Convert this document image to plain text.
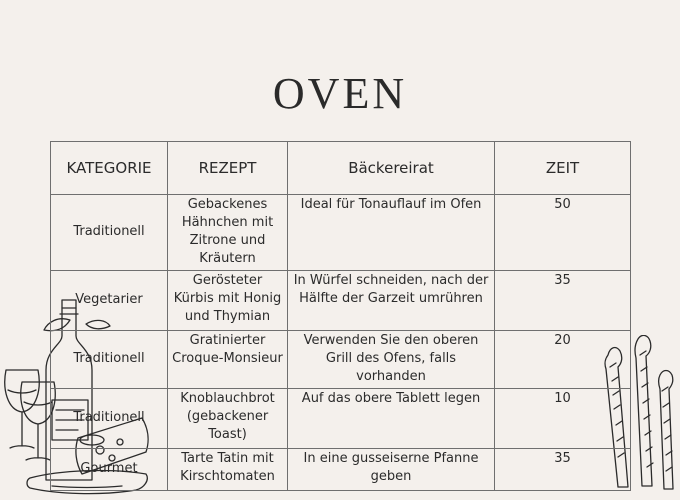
OVEN
KATEGORIE	REZEPT	Bäckereirat	ZEIT
Traditionell	Gebackenes Hähnchen mit Zitrone und Kräutern	Ideal für Tonauflauf im Ofen	50
Vegetarier	Gerösteter Kürbis mit Honig und Thymian	In Würfel schneiden, nach der Hälfte der Garzeit umrühren	35
Traditionell	Gratinierter Croque-Monsieur	Verwenden Sie den oberen Grill des Ofens, falls vorhanden	20
Traditionell	Knoblauchbrot (gebackener Toast)	Auf das obere Tablett legen	10
Gourmet	Tarte Tatin mit Kirschtomaten	In eine gusseiserne Pfanne geben	35
